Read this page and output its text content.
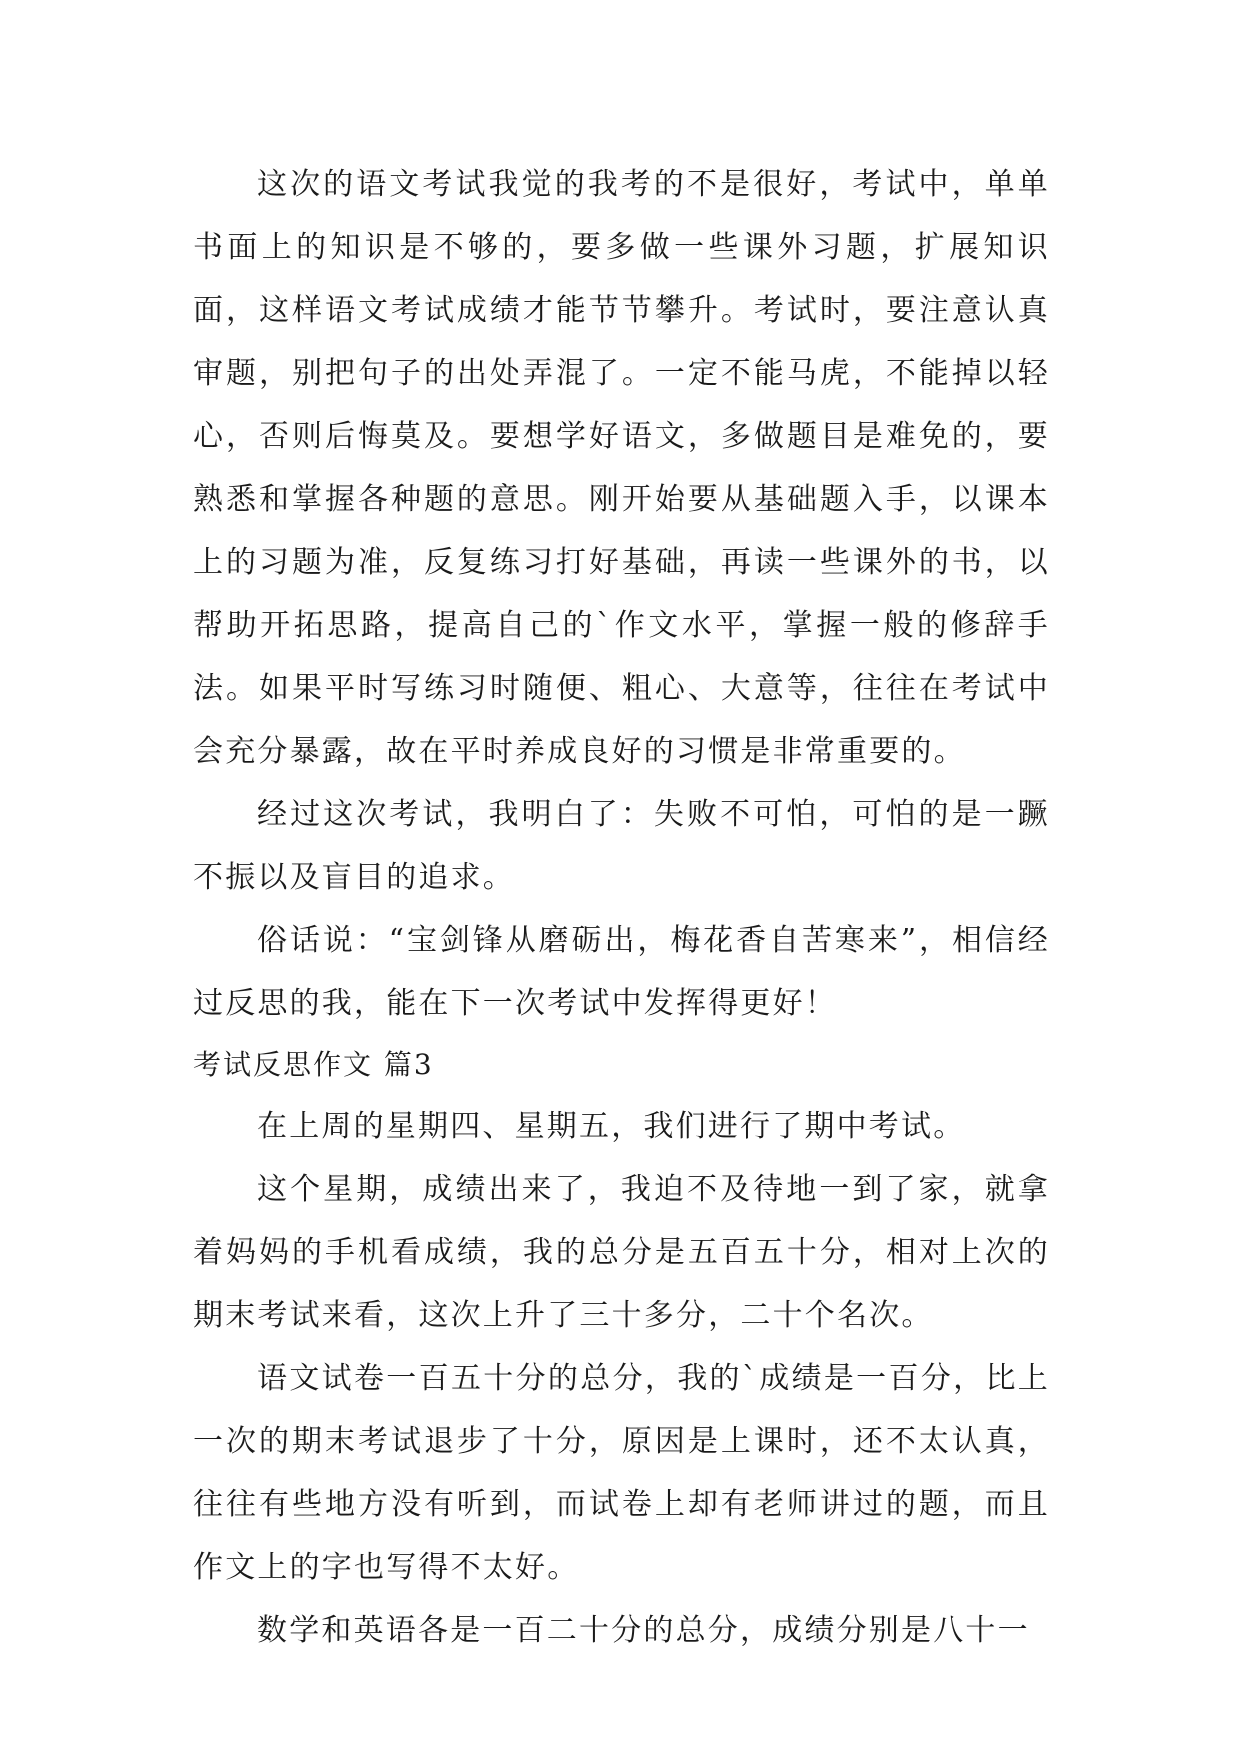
这次的语文考试我觉的我考的不是很好，考试中，单单书面上的知识是不够的，要多做一些课外习题，扩展知识面，这样语文考试成绩才能节节攀升。考试时，要注意认真审题，别把句子的出处弄混了。一定不能马虎，不能掉以轻心，否则后悔莫及。要想学好语文，多做题目是难免的，要熟悉和掌握各种题的意思。刚开始要从基础题入手，以课本上的习题为准，反复练习打好基础，再读一些课外的书，以帮助开拓思路，提高自己的`作文水平，掌握一般的修辞手法。如果平时写练习时随便、粗心、大意等，往往在考试中会充分暴露，故在平时养成良好的习惯是非常重要的。

经过这次考试，我明白了：失败不可怕，可怕的是一蹶不振以及盲目的追求。

俗话说：“宝剑锋从磨砺出，梅花香自苦寒来”，相信经过反思的我，能在下一次考试中发挥得更好！

考试反思作文 篇3

在上周的星期四、星期五，我们进行了期中考试。

这个星期，成绩出来了，我迫不及待地一到了家，就拿着妈妈的手机看成绩，我的总分是五百五十分，相对上次的期末考试来看，这次上升了三十多分，二十个名次。

语文试卷一百五十分的总分，我的`成绩是一百分，比上一次的期末考试退步了十分，原因是上课时，还不太认真，往往有些地方没有听到，而试卷上却有老师讲过的题，而且作文上的字也写得不太好。

数学和英语各是一百二十分的总分，成绩分别是八十一
